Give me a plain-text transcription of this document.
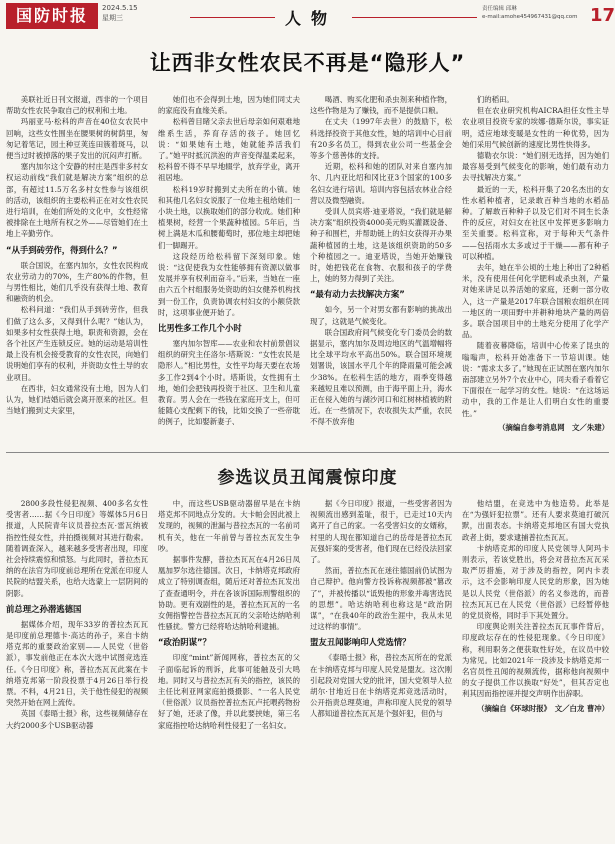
国防时报	2024.5.15
星期三	人物	责任编辑 邱琳
e-mail:amohe454967431@qq.com 17
让西非女性农民不再是“隐形人”

美联社近日刊文报道，西非的一个项目帮助女性农民争取自己的权利和土地。

玛丽亚马·松科的声音在40位女农民中回响，这些女性围坐在腰果树的树荫里，匆匆记着笔记，园土种豆荚连田簇着斑马，以便当过时被掉落的果子发出的沉闷声打断。

塞内加尔这个安静的村庄是西非多村女权运动前线“我们就是解决方案”组织的总部，有超过11.5万名多村女性参与该组织的活动，该组织的主要松科正在对女性农民进行培训，在她们所处的文化中，女性经常被排除在土地所有权之外——尽管她们在土地上辛勤劳作。

“从手到砖劳作，得到什么？”

联合国说，在塞内加尔，女性农民构成农业劳动力的70%，生产80%的作物，但与男性相比，她们几乎没有获得土地、教育和融资的机会。

松科问道：“我们从手到砖劳作，但我们做了这么多，又得到什么呢？”她认为，如果多村女性获得土地，职责和资源，会在各个社区产生连锁反应。她的运动是培训性最上没有机会接受教育的女性农民，向她们说明她们享有的权利，并资助女性土导的农业项目。

在西非，妇女通常没有土地，因为人们认为，她们结婚后就会离开原来的社区。但当她们搬到丈夫家里，

她们也不会得到土地，因为她们同丈夫的家庭没有血缘关系。

松科曾目睹父亲去世后母亲如何艰难地维系生活，养育存活的孩子。她回忆说：“如果她有土地，她就能养活我们了。”她平时抵沉洪泡的声音变得温柔起来，松科曾不得不早早地辍学，放弃学业，离开祖居地。

松科19岁时搬到丈夫所在的小镇。她和其他几名妇女说服了一位地主租给她们一小块土地，以换取她们的部分收成。她们种植果树，经营一个果蔬种植园。5年后，当树上满是木瓜和腰葡萄时，那位地主却把她们一脚踢开。

这段经历给松科留下深刻印象。她说：“这促使我为女性能够拥有资源以做事发展并享有权利而奋斗。”后来，当她在一座由六五个村组服务处资助的妇女健养机构找到一份工作，负责协调农村妇女的小额贷款时，这项事业便开始了。

比男性多工作几个小时

塞内加尔智库——农业和农村前景倡议组织的研究主任洛尔·塔斯说：“女性农民是隐形人。”相比男性，女性平均每天要在农场多工作2到4个小时。塔斯说，女性拥有土地，她们会把钱再投资于社区、卫生和儿童教育。男人会在一些钱在家庭开支上，但可能随心支配剩下的钱，比如交换了一些帝耽的例子，比如娶新妻子、

喝酒、购买化肥和杀虫剂来种植作物，这些作物是为了赚钱，而不是提供口粮。

在丈夫（1997年去世）的鼓励下，松科选择投资于其他女性，她的培训中心目前有20多名员工，得到农业公司一些基金会等多个慈善体的支持。

近期，松科和她的团队对来自塞内加尔、几内亚比绍和冈比亚3个国家的100多名妇女进行培训。培训内容包括农林业合经营以及微型融资。

受训人员宾塔·迪亚塔说，“我们就是解决方案”组织投资4000美元购买灌溉设备、种子和围栏，并帮助链上的妇女获得开办果蔬种植园的土地，这是该组织资助的50多个种植园之一。迪亚塔说，当她开始赚钱时，她把钱花在食物、衣服和孩子的学费上，她的努力得到了关注。

“最有动力去找解决方案”

如今，另一个对男女都有影响的挑战出现了，这就是气候变化。

联合国政府间气候变化专门委员会的数据显示，塞内加尔及周边地区的气温增幅将比全球平均水平高出50%。联合国环境规划署说，该国水平几个年的降雨量可能会减少38%。在松科生活的地方，雨季变得越来越短且难以预测，由于海平面上升，海水正在侵入她的与湖沙河口和红树林植被的附近。在一些情况下，农收损失太严重，农民不得不放弃他

们的稻田。

但在农业研究机构AICRA担任女性主导农业项目投资专家的埃娜·德斯尔说，事实证明，适应地球变暖是女性的一种优势，因为她们采用气候创新的速度比男性快得多。

德勒衣尔说：“她们别无选择，因为她们最容易受到气候变化的影响，她们最有动力去寻找解决方案。”

最近的一天，松科开集了20名杰出的女性水稻种植者，记录敢百种当地的水稻品种。了解敢百种种子以及它们对不同生长条件的反应，对妇女在社区中发挥更多影响力至关重要。松科宣称，对于每种天气条件——包括雨水太多或过于干燥——都有种子可以种植。

去年，她在半公顷的土地上种出了2种稻米，没有使用任何化学肥料或杀虫剂，产量对她来讲足以养活她的家庭，还剩一部分收入，这一产量是2017年联合国粮农组织在同一地区的一项田野中并耕种地块产量的两倍多。联合国项目中的土地充分使用了化学产品。

随着夜幕降临，培训中心传来了昆虫的嗡嗡声，松科开始准备下一节培训课。她说：“需求太多了。”她现在正试图在塞内加尔南部建立另外7个农业中心，同夫看子看着它下面很在一起学习的女性。她说：“在这场运动中，我的工作是让人们明白女性的重要性。”

（摘编自参考消息网　文／朱建）

参选议员丑闻震惊印度

2800多段性侵犯视频、400多名女性受害者……据《今日印度》等媒体5月6日报道，人民院青年议员普拉杰瓦·雷瓦纳被指控性侵女性，并拍摄视频对其进行勒索。随着调查深入，越来越多受害者出现，印度社会持续震惊和愤怒。与此同时，普拉杰瓦纳的在法官为印度前总理所在党派在印度人民院的结盟关系，也给大选蒙上一层阴间的阴影。

前总理之孙潜逃德国

据媒体介绍，现年33岁的普拉杰瓦瓦是印度前总理德卡·高达的孙子，来自卡纳塔克邦的重要政治家别——人民党（世俗派），事发前他正在本次大选中试图竞选连任。《今日印度》称，普拉杰瓦瓦此案在卡纳塔克邦第一阶段投票于4月26日举行投票。不料，4月21日，关于他性侵犯的视频突然开始在网上流传。

英国《泰晤士报》称，这些视频储存在大约2000多个USB驱动器

中，而这些USB驱动器留早是在卡纳塔克邦不同地点分发的。大卡帕会因此被上发现的，视频的泄漏与普拉杰瓦的一名前司机有关，他在一年前曾与普拉杰瓦发生争吵。

据事件发酵，普拉杰瓦瓦在4月26日凤凰加罗尔选往德国。次日，卡纳塔克邦政府成立了特别调查组，随后还对普拉杰瓦发出了查查通明令，并在各该诉国际刑警组织的协助。更有戏剧性的是，普拉杰瓦瓦的一名女佣指警控告普拉杰瓦瓦的父亲哈达纳哈利性骚扰。警方已经将哈达纳哈利逮捕。

“政治阴谋”？

印度“mint”新闻网称，普拉杰瓦的父子面临起诉的刑诉，此事可能触及引大鸣地。同时又与普拉杰瓦有关的指控，该民的主任比利亚网家庭拍摄摄影、“一名人民党（世俗派）议员指控普拉杰瓦卢托喂药物扮好了她，还录了像，并以此要挟她，第三名家庭指控哈达纳哈利性侵犯了一名妇女。

据《今日印度》报道，一些受害者因为视频流出感到羞耻，很于，已走过10天内离开了自己的家。一名受害妇女的女婿称，村里的人现在都知道自己的岳母是普拉杰瓦瓦强奸案的受害者，他们现在已经没法回家了。

然而，普拉杰瓦在迷往德国前仍试图为自己辩护。他向警方投诉称视频都被“篡改了”，并被传播以“诋毁他的形象并毒害选民的思想”。哈达纳哈利也称这是“政治阴谋”，“在我40年的政治生涯中，我从未见过这样的事情”。

盟友丑闻影响印人党选情？

《泰晤士报》称，普拉杰瓦所在的党派在卡纳塔克邦与印度人民党是盟友。这次刚引起段对党国大党的批评，国大党领导人拉胡尔·甘地近日在卡纳塔克邦竞选活动时，公开指责总理莫迪，声称印度人民党的领导人都知道普拉杰瓦瓦是个强奸犯，但仍与

他结盟，在竞选中为他造势。此举是在“为强奸犯拉票”。还有人要求莫迪打破沉默，出面表态。卡纳塔克邦地区有国大党执政者上街，要求逮捕普拉杰瓦瓦。

卡纳塔克邦的印度人民党领导人阿玛卡则表示，若该党胜出，将会对普拉杰瓦瓦采取严厉措施，对于涉及的指控，阿内卡表示，这不会影响印度人民党的形象，因为她是以人民党（世俗派）的名义参选的，而普拉杰瓦瓦已在人民党（世俗派）已经暂停他的党员资格，同时手下其处置分。

印度舆论则关注普拉杰瓦瓦事件背后，印度政坛存在的性侵犯现象。《今日印度》称，利用职务之便获取性好处，在议员中较为常见。比如2021年一段涉及卡纳塔克邦一名官员性丑闻的视频流传，据称他向视频中的女子提供工作以换取“好处”，但其否定也利其因而指控诬并提交声明作出辞职。

（摘编自《环球时报》　文／白龙 曹冲）
